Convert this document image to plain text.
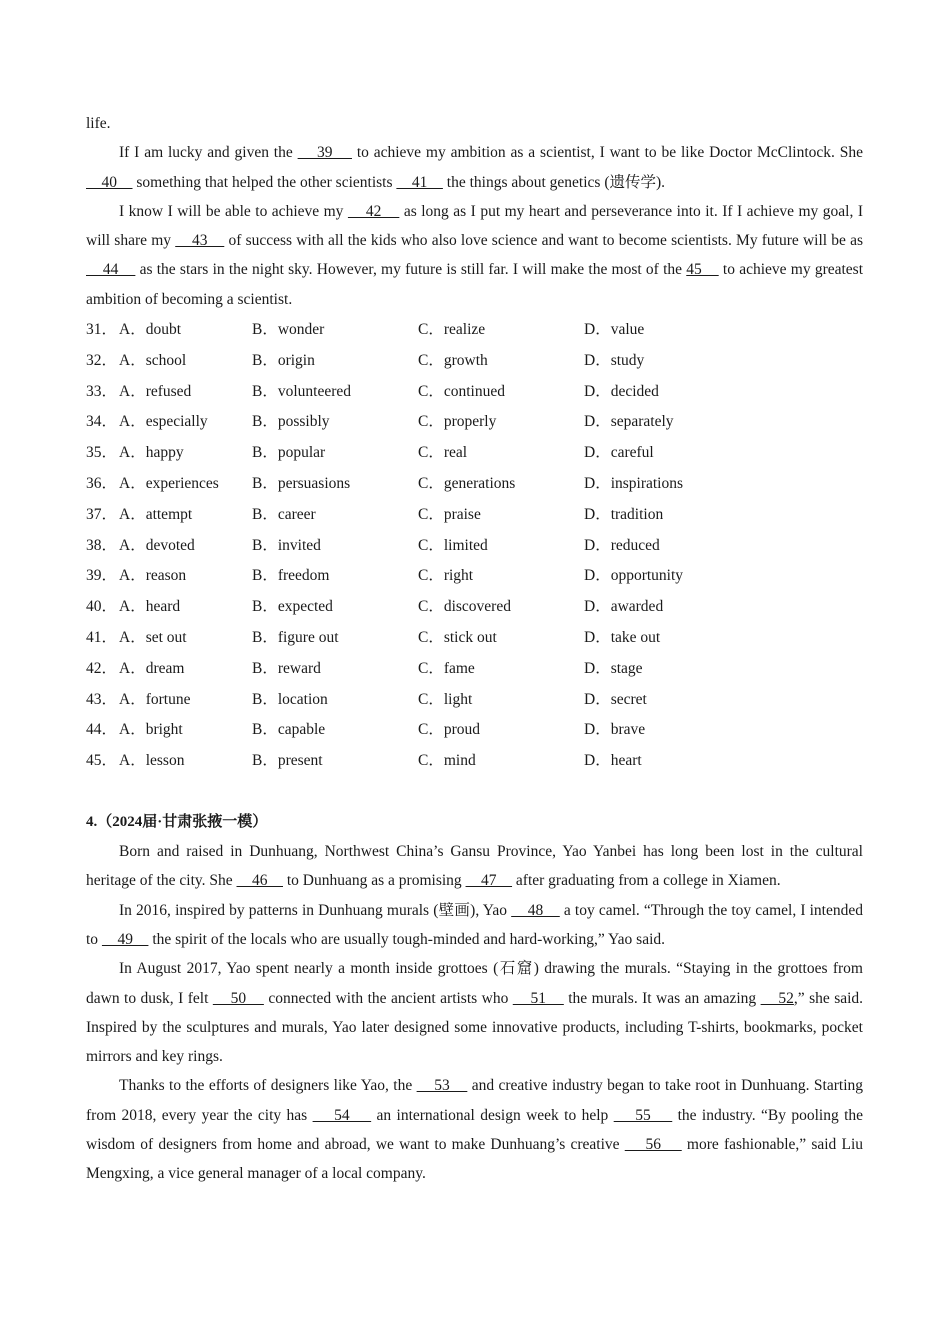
life.

If I am lucky and given the     39     to achieve my ambition as a scientist, I want to be like Doctor McClintock. She     40     something that helped the other scientists     41     the things about genetics (遗传学).

I know I will be able to achieve my     42     as long as I put my heart and perseverance into it. If I achieve my goal, I will share my     43     of success with all the kids who also love science and want to become scientists. My future will be as     44     as the stars in the night sky. However, my future is still far. I will make the most of the 45     to achieve my greatest ambition of becoming a scientist.

31． A．doubt	B．wonder	C．realize	D．value
32． A．school	B．origin	C．growth	D．study
33． A．refused	B．volunteered	C．continued	D．decided
34． A．especially	B．possibly	C．properly	D．separately
35． A．happy	B．popular	C．real	D．careful
36． A．experiences B．persuasions	C．generations	D．inspirations
37． A．attempt	B．career	C．praise	D．tradition
38． A．devoted	B．invited	C．limited	D．reduced
39． A．reason	B．freedom	C．right	D．opportunity
40． A．heard	B．expected	C．discovered	D．awarded
41． A．set out	B．figure out	C．stick out	D．take out
42． A．dream	B．reward	C．fame	D．stage
43． A．fortune	B．location	C．light	D．secret
44． A．bright	B．capable	C．proud	D．brave
45． A．lesson	B．present	C．mind	D．heart
4.（2024届·甘肃张掖一模）

Born and raised in Dunhuang, Northwest China’s Gansu Province, Yao Yanbei has long been lost in the cultural heritage of the city. She     46     to Dunhuang as a promising     47     after graduating from a college in Xiamen.

In 2016, inspired by patterns in Dunhuang murals (壁画), Yao     48     a toy camel. “Through the toy camel, I intended to     49     the spirit of the locals who are usually tough-minded and hard-working,” Yao said.

In August 2017, Yao spent nearly a month inside grottoes (石窟) drawing the murals. “Staying in the grottoes from dawn to dusk, I felt     50     connected with the ancient artists who     51     the murals. It was an amazing     52,” she said. Inspired by the sculptures and murals, Yao later designed some innovative products, including T-shirts, bookmarks, pocket mirrors and key rings.

Thanks to the efforts of designers like Yao, the     53     and creative industry began to take root in Dunhuang. Starting from 2018, every year the city has     54     an international design week to help     55     the industry. “By pooling the wisdom of designers from home and abroad, we want to make Dunhuang’s creative     56     more fashionable,” said Liu Mengxing, a vice general manager of a local company.
